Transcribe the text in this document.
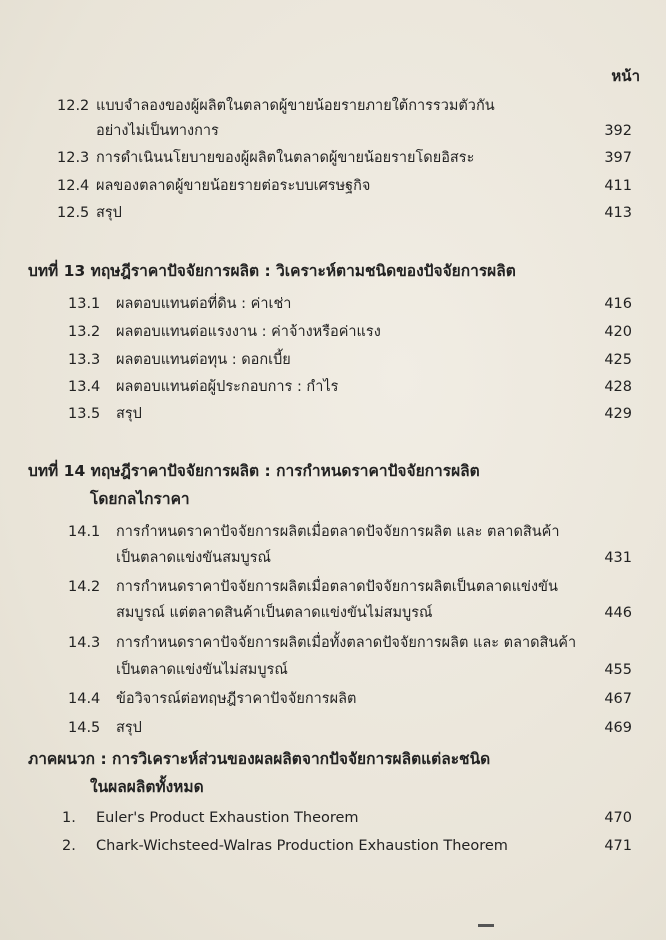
หน้า
12.2 แบบจำลองของผู้ผลิตในตลาดผู้ขายน้อยรายภายใต้การรวมตัวกัน
อย่างไม่เป็นทางการ	392
12.3 การดำเนินนโยบายของผู้ผลิตในตลาดผู้ขายน้อยรายโดยอิสระ	397
12.4 ผลของตลาดผู้ขายน้อยรายต่อระบบเศรษฐกิจ	411
12.5 สรุป	413
บทที่ 13 ทฤษฎีราคาปัจจัยการผลิต : วิเคราะห์ตามชนิดของปัจจัยการผลิต
13.1 ผลตอบแทนต่อที่ดิน : ค่าเช่า	416
13.2 ผลตอบแทนต่อแรงงาน : ค่าจ้างหรือค่าแรง	420
13.3 ผลตอบแทนต่อทุน : ดอกเบี้ย	425
13.4 ผลตอบแทนต่อผู้ประกอบการ : กำไร	428
13.5 สรุป	429
บทที่ 14 ทฤษฎีราคาปัจจัยการผลิต : การกำหนดราคาปัจจัยการผลิต
โดยกลไกราคา
14.1 การกำหนดราคาปัจจัยการผลิตเมื่อตลาดปัจจัยการผลิต และ ตลาดสินค้า
เป็นตลาดแข่งขันสมบูรณ์	431
14.2 การกำหนดราคาปัจจัยการผลิตเมื่อตลาดปัจจัยการผลิตเป็นตลาดแข่งขัน
สมบูรณ์ แต่ตลาดสินค้าเป็นตลาดแข่งขันไม่สมบูรณ์	446
14.3 การกำหนดราคาปัจจัยการผลิตเมื่อทั้งตลาดปัจจัยการผลิต และ ตลาดสินค้า
เป็นตลาดแข่งขันไม่สมบูรณ์	455
14.4 ข้อวิจารณ์ต่อทฤษฎีราคาปัจจัยการผลิต	467
14.5 สรุป	469
ภาคผนวก : การวิเคราะห์ส่วนของผลผลิตจากปัจจัยการผลิตแต่ละชนิด
ในผลผลิตทั้งหมด
1. Euler's Product Exhaustion Theorem	470
2. Chark-Wichsteed-Walras Production Exhaustion Theorem	471
